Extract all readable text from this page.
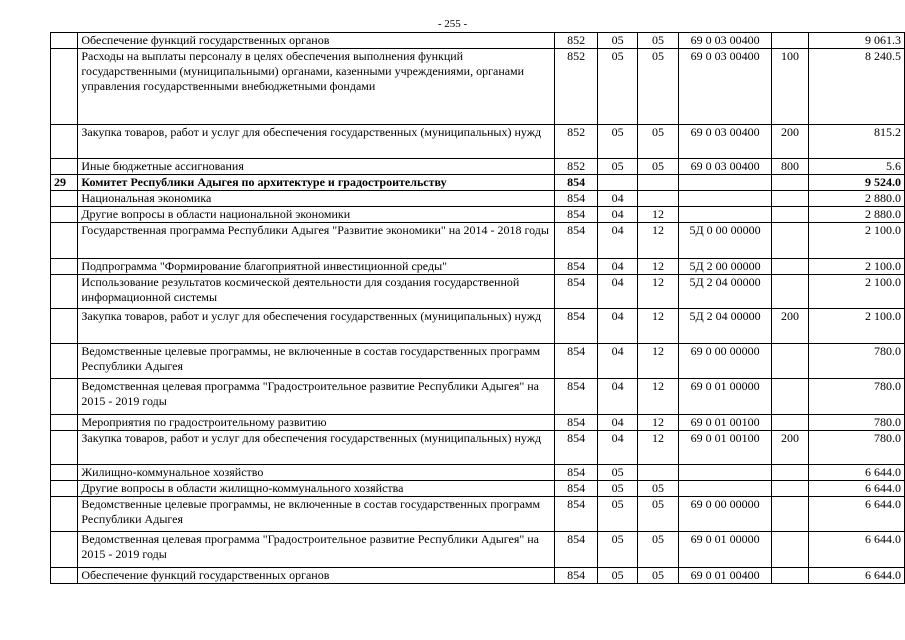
- 255 -
	Обеспечение функций государственных органов	852	05	05	69 0 03 00400		9 061.3
	Расходы на выплаты персоналу в целях обеспечения выполнения функций государственными (муниципальными) органами, казенными учреждениями, органами управления государственными внебюджетными фондами	852	05	05	69 0 03 00400	100	8 240.5
	Закупка товаров, работ и услуг для обеспечения государственных (муниципальных) нужд	852	05	05	69 0 03 00400	200	815.2
	Иные бюджетные ассигнования	852	05	05	69 0 03 00400	800	5.6
29	Комитет Республики Адыгея по архитектуре и градостроительству	854					9 524.0
	Национальная экономика	854	04				2 880.0
	Другие вопросы в области национальной экономики	854	04	12			2 880.0
	Государственная программа Республики Адыгея "Развитие экономики" на 2014 - 2018 годы	854	04	12	5Д 0 00 00000		2 100.0
	Подпрограмма "Формирование благоприятной инвестиционной среды"	854	04	12	5Д 2 00 00000		2 100.0
	Использование результатов космической деятельности для создания государственной информационной системы	854	04	12	5Д 2 04 00000		2 100.0
	Закупка товаров, работ и услуг для обеспечения государственных (муниципальных) нужд	854	04	12	5Д 2 04 00000	200	2 100.0
	Ведомственные целевые программы, не включенные в состав государственных программ Республики Адыгея	854	04	12	69 0 00 00000		780.0
	Ведомственная целевая программа "Градостроительное развитие Республики Адыгея" на 2015 - 2019 годы	854	04	12	69 0 01 00000		780.0
	Мероприятия по градостроительному развитию	854	04	12	69 0 01 00100		780.0
	Закупка товаров, работ и услуг для обеспечения государственных (муниципальных) нужд	854	04	12	69 0 01 00100	200	780.0
	Жилищно-коммунальное хозяйство	854	05				6 644.0
	Другие вопросы в области жилищно-коммунального хозяйства	854	05	05			6 644.0
	Ведомственные целевые программы, не включенные в состав государственных программ Республики Адыгея	854	05	05	69 0 00 00000		6 644.0
	Ведомственная целевая программа "Градостроительное развитие Республики Адыгея" на 2015 - 2019 годы	854	05	05	69 0 01 00000		6 644.0
	Обеспечение функций государственных органов	854	05	05	69 0 01 00400		6 644.0
